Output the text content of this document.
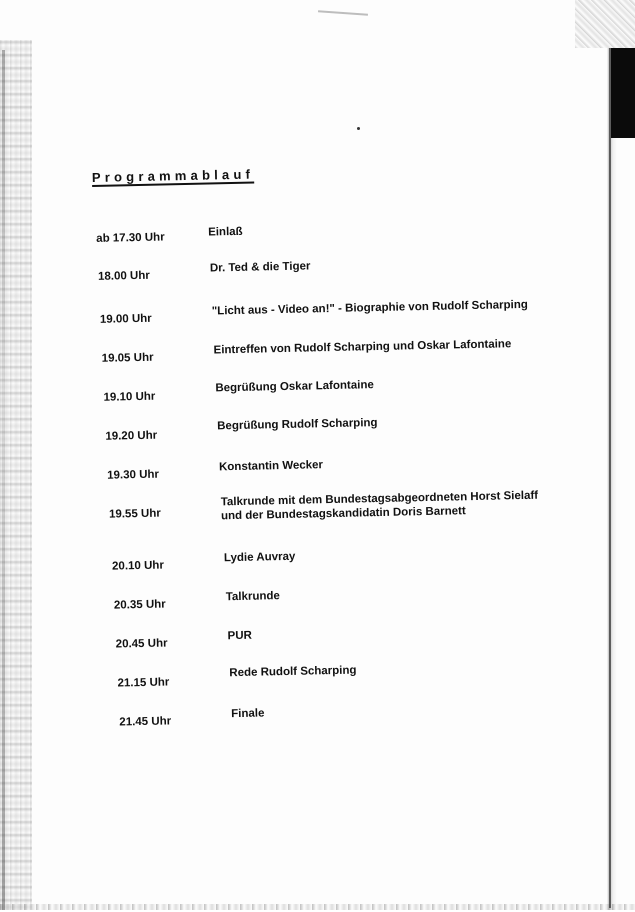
Programmablauf
ab 17.30 Uhr	Einlaß
18.00 Uhr
Dr. Ted & die Tiger
19.00 Uhr
"Licht aus - Video an!" - Biographie von Rudolf Scharping
19.05 Uhr
Eintreffen von Rudolf Scharping und Oskar Lafontaine
19.10 Uhr
Begrüßung Oskar Lafontaine
19.20 Uhr
Begrüßung Rudolf Scharping
19.30 Uhr
Konstantin Wecker
19.55 Uhr
Talkrunde mit dem Bundestagsabgeordneten Horst Sielaff
und der Bundestagskandidatin Doris Barnett
20.10 Uhr
Lydie Auvray
20.35 Uhr
Talkrunde
20.45 Uhr
PUR
21.15 Uhr
Rede Rudolf Scharping
21.45 Uhr
Finale
